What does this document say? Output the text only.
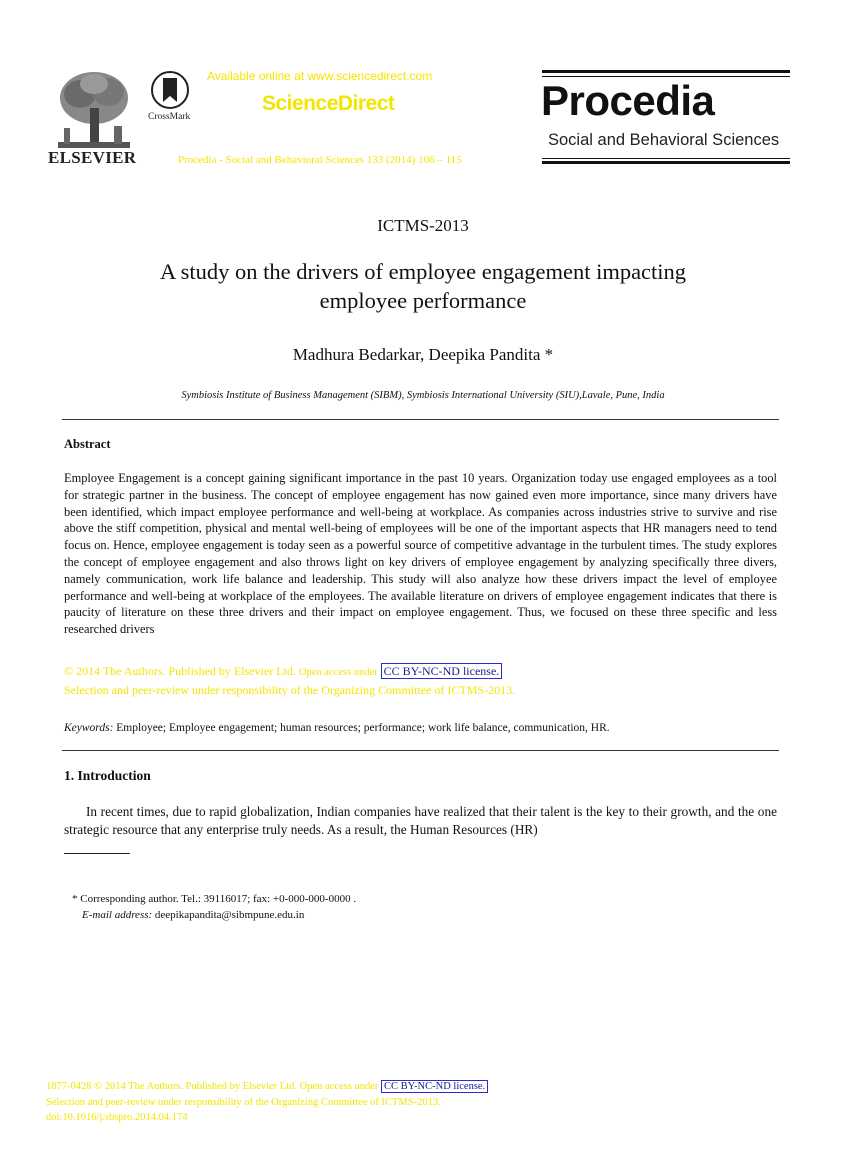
ELSEVIER
CrossMark
Available online at www.sciencedirect.com
ScienceDirect
Procedia - Social and Behavioral Sciences 133 (2014) 106 – 115
Procedia
Social and Behavioral Sciences
ICTMS-2013
A study on the drivers of employee engagement impacting
employee performance
Madhura Bedarkar, Deepika Pandita *
Symbiosis Institute of Business Management (SIBM), Symbiosis International University (SIU),Lavale, Pune, India
Abstract
Employee Engagement is a concept gaining significant importance in the past 10 years. Organization today use engaged employees as a tool for strategic partner in the business. The concept of employee engagement has now gained even more importance, since many drivers have been identified, which impact employee performance and well-being at workplace. As companies across industries strive to survive and rise above the stiff competition, physical and mental well-being of employees will be one of the important aspects that HR managers need to tend focus on. Hence, employee engagement is today seen as a powerful source of competitive advantage in the turbulent times. The study explores the concept of employee engagement and also throws light on key drivers of employee engagement by analyzing specifically three divers, namely communication, work life balance and leadership. This study will also analyze how these drivers impact the level of employee performance and well-being at workplace of the employees. The available literature on drivers of employee engagement indicates that there is paucity of literature on these three drivers and their impact on employee engagement. Thus, we focused on these three specific and less researched drivers
© 2014 The Authors. Published by Elsevier Ltd. Open access under CC BY-NC-ND license.
Selection and peer-review under responsibility of the Organizing Committee of ICTMS-2013.
Keywords: Employee; Employee engagement; human resources; performance; work life balance, communication, HR.
1. Introduction
In recent times, due to rapid globalization, Indian companies have realized that their talent is the key to their growth, and the one strategic resource that any enterprise truly needs. As a result, the Human Resources (HR)
* Corresponding author. Tel.: 39116017; fax: +0-000-000-0000 .
E-mail address: deepikapandita@sibmpune.edu.in
1877-0428 © 2014 The Authors. Published by Elsevier Ltd. Open access under CC BY-NC-ND license.
Selection and peer-review under responsibility of the Organizing Committee of ICTMS-2013.
doi:10.1016/j.sbspro.2014.04.174
